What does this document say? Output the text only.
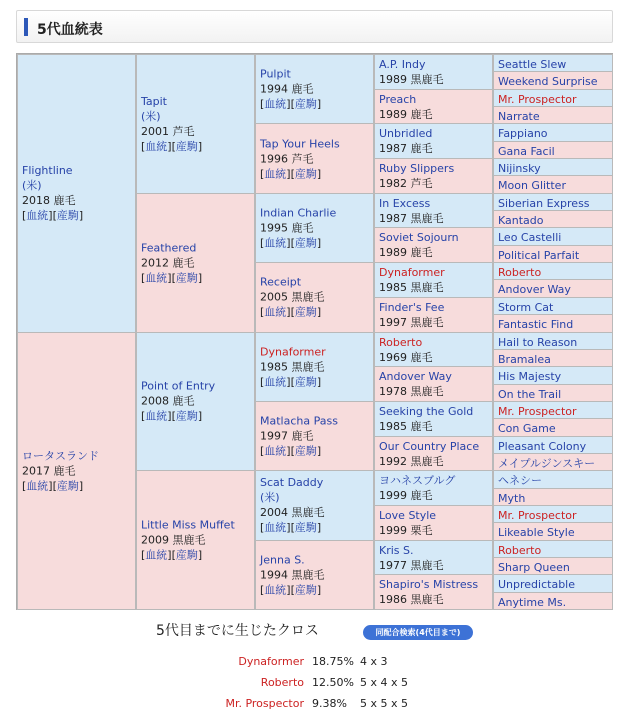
5代血統表
Flightline
(米)
2018 鹿毛
[血統][産駒]
ロータスランド
2017 鹿毛
[血統][産駒]
Tapit
(米)
2001 芦毛
[血統][産駒]
Feathered
2012 鹿毛
[血統][産駒]
Point of Entry
2008 鹿毛
[血統][産駒]
Little Miss Muffet
2009 黒鹿毛
[血統][産駒]
Pulpit
1994 鹿毛
[血統][産駒]
Tap Your Heels
1996 芦毛
[血統][産駒]
Indian Charlie
1995 鹿毛
[血統][産駒]
Receipt
2005 黒鹿毛
[血統][産駒]
Dynaformer
1985 黒鹿毛
[血統][産駒]
Matlacha Pass
1997 鹿毛
[血統][産駒]
Scat Daddy
(米)
2004 黒鹿毛
[血統][産駒]
Jenna S.
1994 黒鹿毛
[血統][産駒]
A.P. Indy
1989 黒鹿毛
Preach
1989 鹿毛
Unbridled
1987 鹿毛
Ruby Slippers
1982 芦毛
In Excess
1987 黒鹿毛
Soviet Sojourn
1989 鹿毛
Dynaformer
1985 黒鹿毛
Finder's Fee
1997 黒鹿毛
Roberto
1969 鹿毛
Andover Way
1978 黒鹿毛
Seeking the Gold
1985 鹿毛
Our Country Place
1992 黒鹿毛
ヨハネスブルグ
1999 鹿毛
Love Style
1999 栗毛
Kris S.
1977 黒鹿毛
Shapiro's Mistress
1986 黒鹿毛
Seattle Slew
Weekend Surprise
Mr. Prospector
Narrate
Fappiano
Gana Facil
Nijinsky
Moon Glitter
Siberian Express
Kantado
Leo Castelli
Political Parfait
Roberto
Andover Way
Storm Cat
Fantastic Find
Hail to Reason
Bramalea
His Majesty
On the Trail
Mr. Prospector
Con Game
Pleasant Colony
メイプルジンスキー
ヘネシー
Myth
Mr. Prospector
Likeable Style
Roberto
Sharp Queen
Unpredictable
Anytime Ms.
5代目までに生じたクロス	同配合検索(4代目まで)
Dynaformer 18.75% 4 x 3
Roberto 12.50% 5 x 4 x 5
Mr. Prospector 9.38% 5 x 5 x 5
